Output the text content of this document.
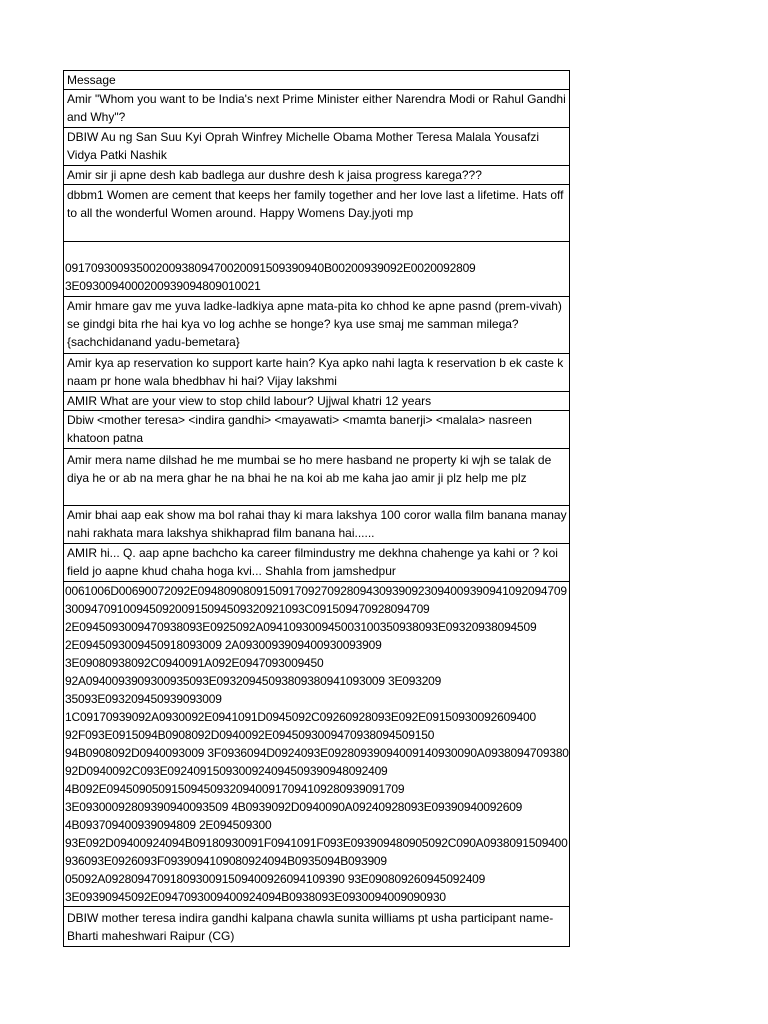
Message

Amir "Whom you want to be India's next Prime Minister either Narendra Modi or Rahul Gandhi and Why"?

DBIW Au ng San Suu Kyi Oprah Winfrey Michelle Obama Mother Teresa Malala Yousafzi Vidya Patki Nashik

Amir sir ji apne desh kab badlega aur dushre desh k jaisa progress karega???

dbbm1 Women are cement that keeps her family together and her love last a lifetime. Hats off to all the wonderful Women around. Happy Womens Day.jyoti mp

0917093009350020093809470020091509390940B00200939092E0020092809 3E0930094000200939094809010021

Amir hmare gav me yuva ladke-ladkiya apne mata-pita ko chhod ke apne pasnd (prem-vivah) se gindgi bita rhe hai kya vo log achhe se honge? kya use smaj me samman milega? {sachchidanand yadu-bemetara}

Amir kya ap reservation ko support karte hain? Kya apko nahi lagta k reservation b ek caste k naam pr hone wala bhedbhav hi hai? Vijay lakshmi

AMIR What are your view to stop child labour? Ujjwal khatri 12 years

Dbiw <mother teresa> <indira gandhi> <mayawati> <mamta banerji> <malala> nasreen khatoon patna

Amir mera name dilshad he me mumbai se ho mere hasband ne property ki wjh se talak de diya he or ab na mera ghar he na bhai he na koi ab me kaha jao amir ji plz help me plz

Amir bhai aap eak show ma bol rahai thay ki mara lakshya 100 coror walla film banana manay nahi rakhata mara lakshya shikhaprad film banana hai......

AMIR hi... Q. aap apne bachcho ka career filmindustry me dekhna chahenge ya kahi or ? koi field jo aapne khud chaha hoga kvi... Shahla from jamshedpur

0061006D00690072092E0948090809150917092709280943093909230940093909410920947093009470910094509200915094509320921093C091509470928094709 2E0945093009470938093E0925092A094109300945003100350938093E09320938094509 2E0945093009450918093009 2A0930093909400930093909 3E09080938092C0940091A092E0947093009450 92A0940093909300935093E09320945093809380941093009 3E093209 35093E093209450939093009 1C09170939092A0930092E0941091D0945092C09260928093E092E09150930092609400 92F093E0915094B0908092D0940092E0945093009470938094509150 94B0908092D0940093009 3F0936094D0924093E09280939094009140930090A0938094709380 92D0940092C093E0924091509300924094509390948092409 4B092E0945090509150945093209400917094109280939091709 3E09300092809390940093509 4B0939092D0940090A09240928093E09390940092609 4B093709400939094809 2E094509300 93E092D09400924094B09180930091F0941091F093E093909480905092C090A0938091509400936093E0926093F0939094109080924094B0935094B093909 05092A0928094709180930091509400926094109390 93E090809260945092409 3E09390945092E0947093009400924094B0938093E0930094009090930

DBIW mother teresa indira gandhi kalpana chawla sunita williams pt usha participant name-Bharti maheshwari Raipur (CG)
